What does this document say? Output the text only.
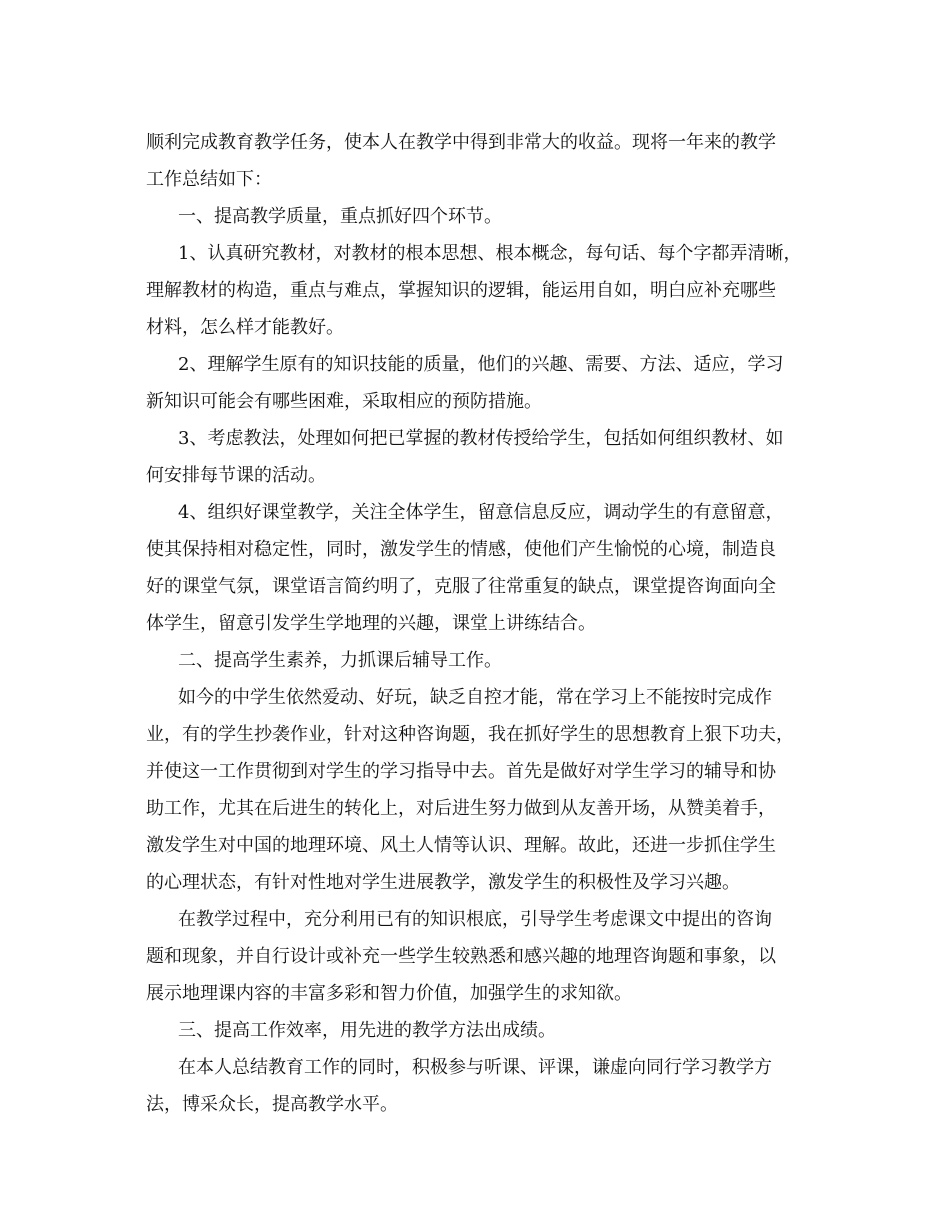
顺利完成教育教学任务，使本人在教学中得到非常大的收益。现将一年来的教学
工作总结如下：
一、提高教学质量，重点抓好四个环节。
1、认真研究教材，对教材的根本思想、根本概念，每句话、每个字都弄清晰，
理解教材的构造，重点与难点，掌握知识的逻辑，能运用自如，明白应补充哪些
材料，怎么样才能教好。
2、理解学生原有的知识技能的质量，他们的兴趣、需要、方法、适应，学习
新知识可能会有哪些困难，采取相应的预防措施。
3、考虑教法，处理如何把已掌握的教材传授给学生，包括如何组织教材、如
何安排每节课的活动。
4、组织好课堂教学，关注全体学生，留意信息反应，调动学生的有意留意，
使其保持相对稳定性，同时，激发学生的情感，使他们产生愉悦的心境，制造良
好的课堂气氛，课堂语言简约明了，克服了往常重复的缺点，课堂提咨询面向全
体学生，留意引发学生学地理的兴趣，课堂上讲练结合。
二、提高学生素养，力抓课后辅导工作。
如今的中学生依然爱动、好玩，缺乏自控才能，常在学习上不能按时完成作
业，有的学生抄袭作业，针对这种咨询题，我在抓好学生的思想教育上狠下功夫，
并使这一工作贯彻到对学生的学习指导中去。首先是做好对学生学习的辅导和协
助工作，尤其在后进生的转化上，对后进生努力做到从友善开场，从赞美着手，
激发学生对中国的地理环境、风土人情等认识、理解。故此，还进一步抓住学生
的心理状态，有针对性地对学生进展教学，激发学生的积极性及学习兴趣。
在教学过程中，充分利用已有的知识根底，引导学生考虑课文中提出的咨询
题和现象，并自行设计或补充一些学生较熟悉和感兴趣的地理咨询题和事象，以
展示地理课内容的丰富多彩和智力价值，加强学生的求知欲。
三、提高工作效率，用先进的教学方法出成绩。
在本人总结教育工作的同时，积极参与听课、评课，谦虚向同行学习教学方
法，博采众长，提高教学水平。
